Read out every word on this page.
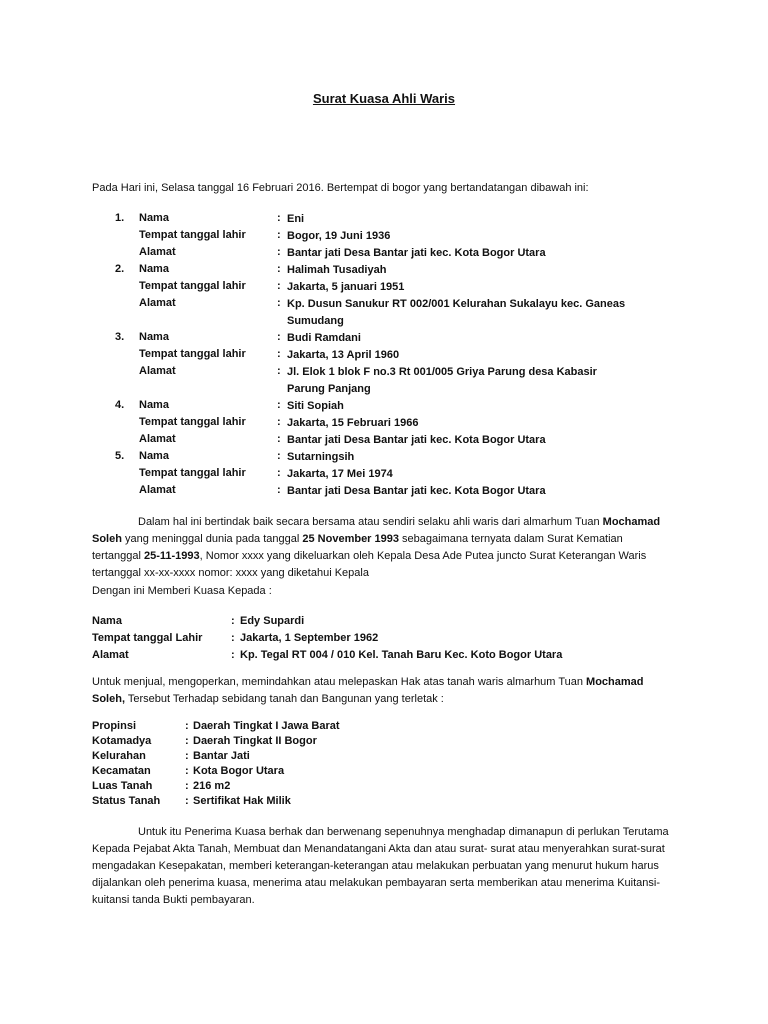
Surat Kuasa Ahli Waris
Pada Hari ini, Selasa tanggal 16 Februari 2016. Bertempat di bogor yang bertandatangan dibawah ini:
1. Nama	: Eni
Tempat tanggal lahir	: Bogor, 19 Juni 1936
Alamat	: Bantar jati Desa Bantar jati kec. Kota Bogor Utara
2. Nama	: Halimah Tusadiyah
Tempat tanggal lahir	: Jakarta, 5 januari 1951
Alamat	: Kp. Dusun Sanukur RT 002/001 Kelurahan Sukalayu kec. Ganeas Sumudang
3. Nama	: Budi Ramdani
Tempat tanggal lahir	: Jakarta, 13 April 1960
Alamat	: Jl. Elok 1 blok F no.3 Rt 001/005 Griya Parung desa Kabasir Parung Panjang
4. Nama	: Siti Sopiah
Tempat tanggal lahir	: Jakarta, 15 Februari 1966
Alamat	: Bantar jati Desa Bantar jati kec. Kota Bogor Utara
5. Nama	: Sutarningsih
Tempat tanggal lahir	: Jakarta, 17 Mei 1974
Alamat	: Bantar jati Desa Bantar jati kec. Kota Bogor Utara
Dalam hal ini bertindak baik secara bersama atau sendiri selaku ahli waris dari almarhum Tuan Mochamad Soleh yang meninggal dunia pada tanggal 25 November 1993 sebagaimana ternyata dalam Surat Kematian tertanggal 25-11-1993, Nomor xxxx yang dikeluarkan oleh Kepala Desa Ade Putea juncto Surat Keterangan Waris tertanggal xx-xx-xxxx nomor: xxxx yang diketahui Kepala
Dengan ini Memberi Kuasa Kepada :
Nama	: Edy Supardi
Tempat tanggal Lahir	: Jakarta, 1 September 1962
Alamat	: Kp. Tegal RT 004 / 010 Kel. Tanah Baru Kec. Koto Bogor Utara
Untuk menjual, mengoperkan, memindahkan atau melepaskan Hak atas tanah waris almarhum Tuan Mochamad Soleh, Tersebut Terhadap sebidang tanah dan Bangunan yang terletak :
Propinsi	: Daerah Tingkat I Jawa Barat
Kotamadya	: Daerah Tingkat II Bogor
Kelurahan	: Bantar Jati
Kecamatan	: Kota Bogor Utara
Luas Tanah	: 216 m2
Status Tanah : Sertifikat Hak Milik
Untuk itu Penerima Kuasa berhak dan berwenang sepenuhnya menghadap dimanapun di perlukan Terutama Kepada Pejabat Akta Tanah, Membuat dan Menandatangani Akta dan atau surat- surat atau menyerahkan surat-surat mengadakan Kesepakatan, memberi keterangan-keterangan atau melakukan perbuatan yang menurut hukum harus dijalankan oleh penerima kuasa, menerima atau melakukan pembayaran serta memberikan atau menerima Kuitansi-kuitansi tanda Bukti pembayaran.
